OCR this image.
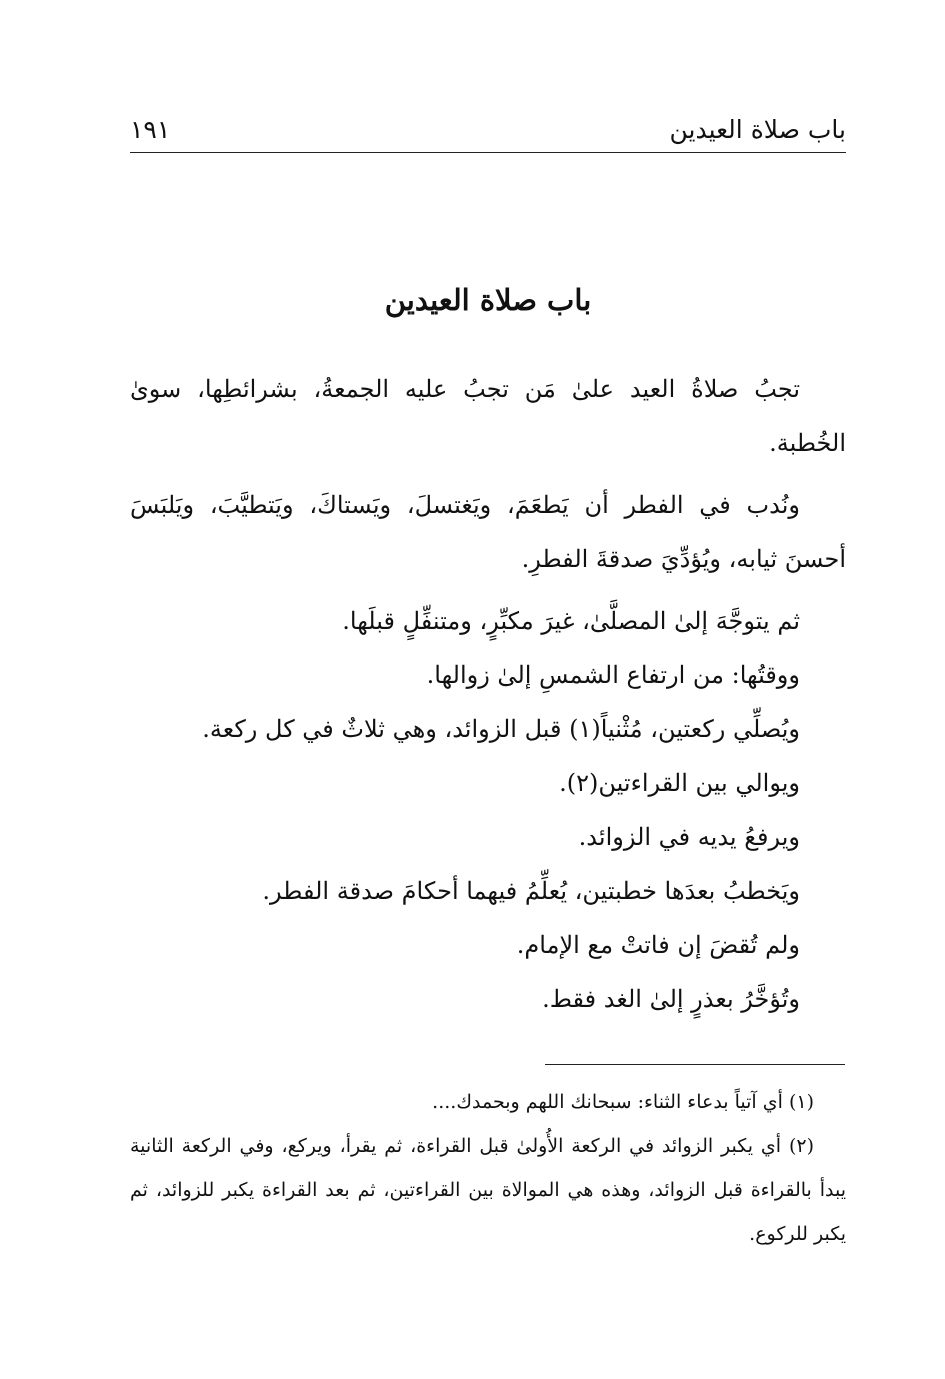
باب صلاة العيدين
١٩١
باب صلاة العيدين

تجبُ صلاةُ العيد علىٰ مَن تجبُ عليه الجمعةُ، بشرائطِها، سوىٰ الخُطبة.

ونُدب في الفطر أن يَطعَمَ، ويَغتسلَ، ويَستاكَ، ويَتطيَّبَ، ويَلبَسَ أحسنَ ثيابه، ويُؤدِّيَ صدقةَ الفطرِ.

ثم يتوجَّهَ إلىٰ المصلَّىٰ، غيرَ مكبِّرٍ، ومتنفِّلٍ قبلَها.

ووقتُها: من ارتفاع الشمسِ إلىٰ زوالها.

ويُصلِّي ركعتين، مُثْنياً(١) قبل الزوائد، وهي ثلاثٌ في كل ركعة.

ويوالي بين القراءتين(٢).

ويرفعُ يديه في الزوائد.

ويَخطبُ بعدَها خطبتين، يُعلِّمُ فيهما أحكامَ صدقة الفطر.

ولم تُقضَ إن فاتتْ مع الإمام.

وتُؤخَّرُ بعذرٍ إلىٰ الغد فقط.

(١) أي آتياً بدعاء الثناء: سبحانك اللهم وبحمدك....

(٢) أي يكبر الزوائد في الركعة الأُولىٰ قبل القراءة، ثم يقرأ، ويركع، وفي الركعة الثانية يبدأ بالقراءة قبل الزوائد، وهذه هي الموالاة بين القراءتين، ثم بعد القراءة يكبر للزوائد، ثم يكبر للركوع.
